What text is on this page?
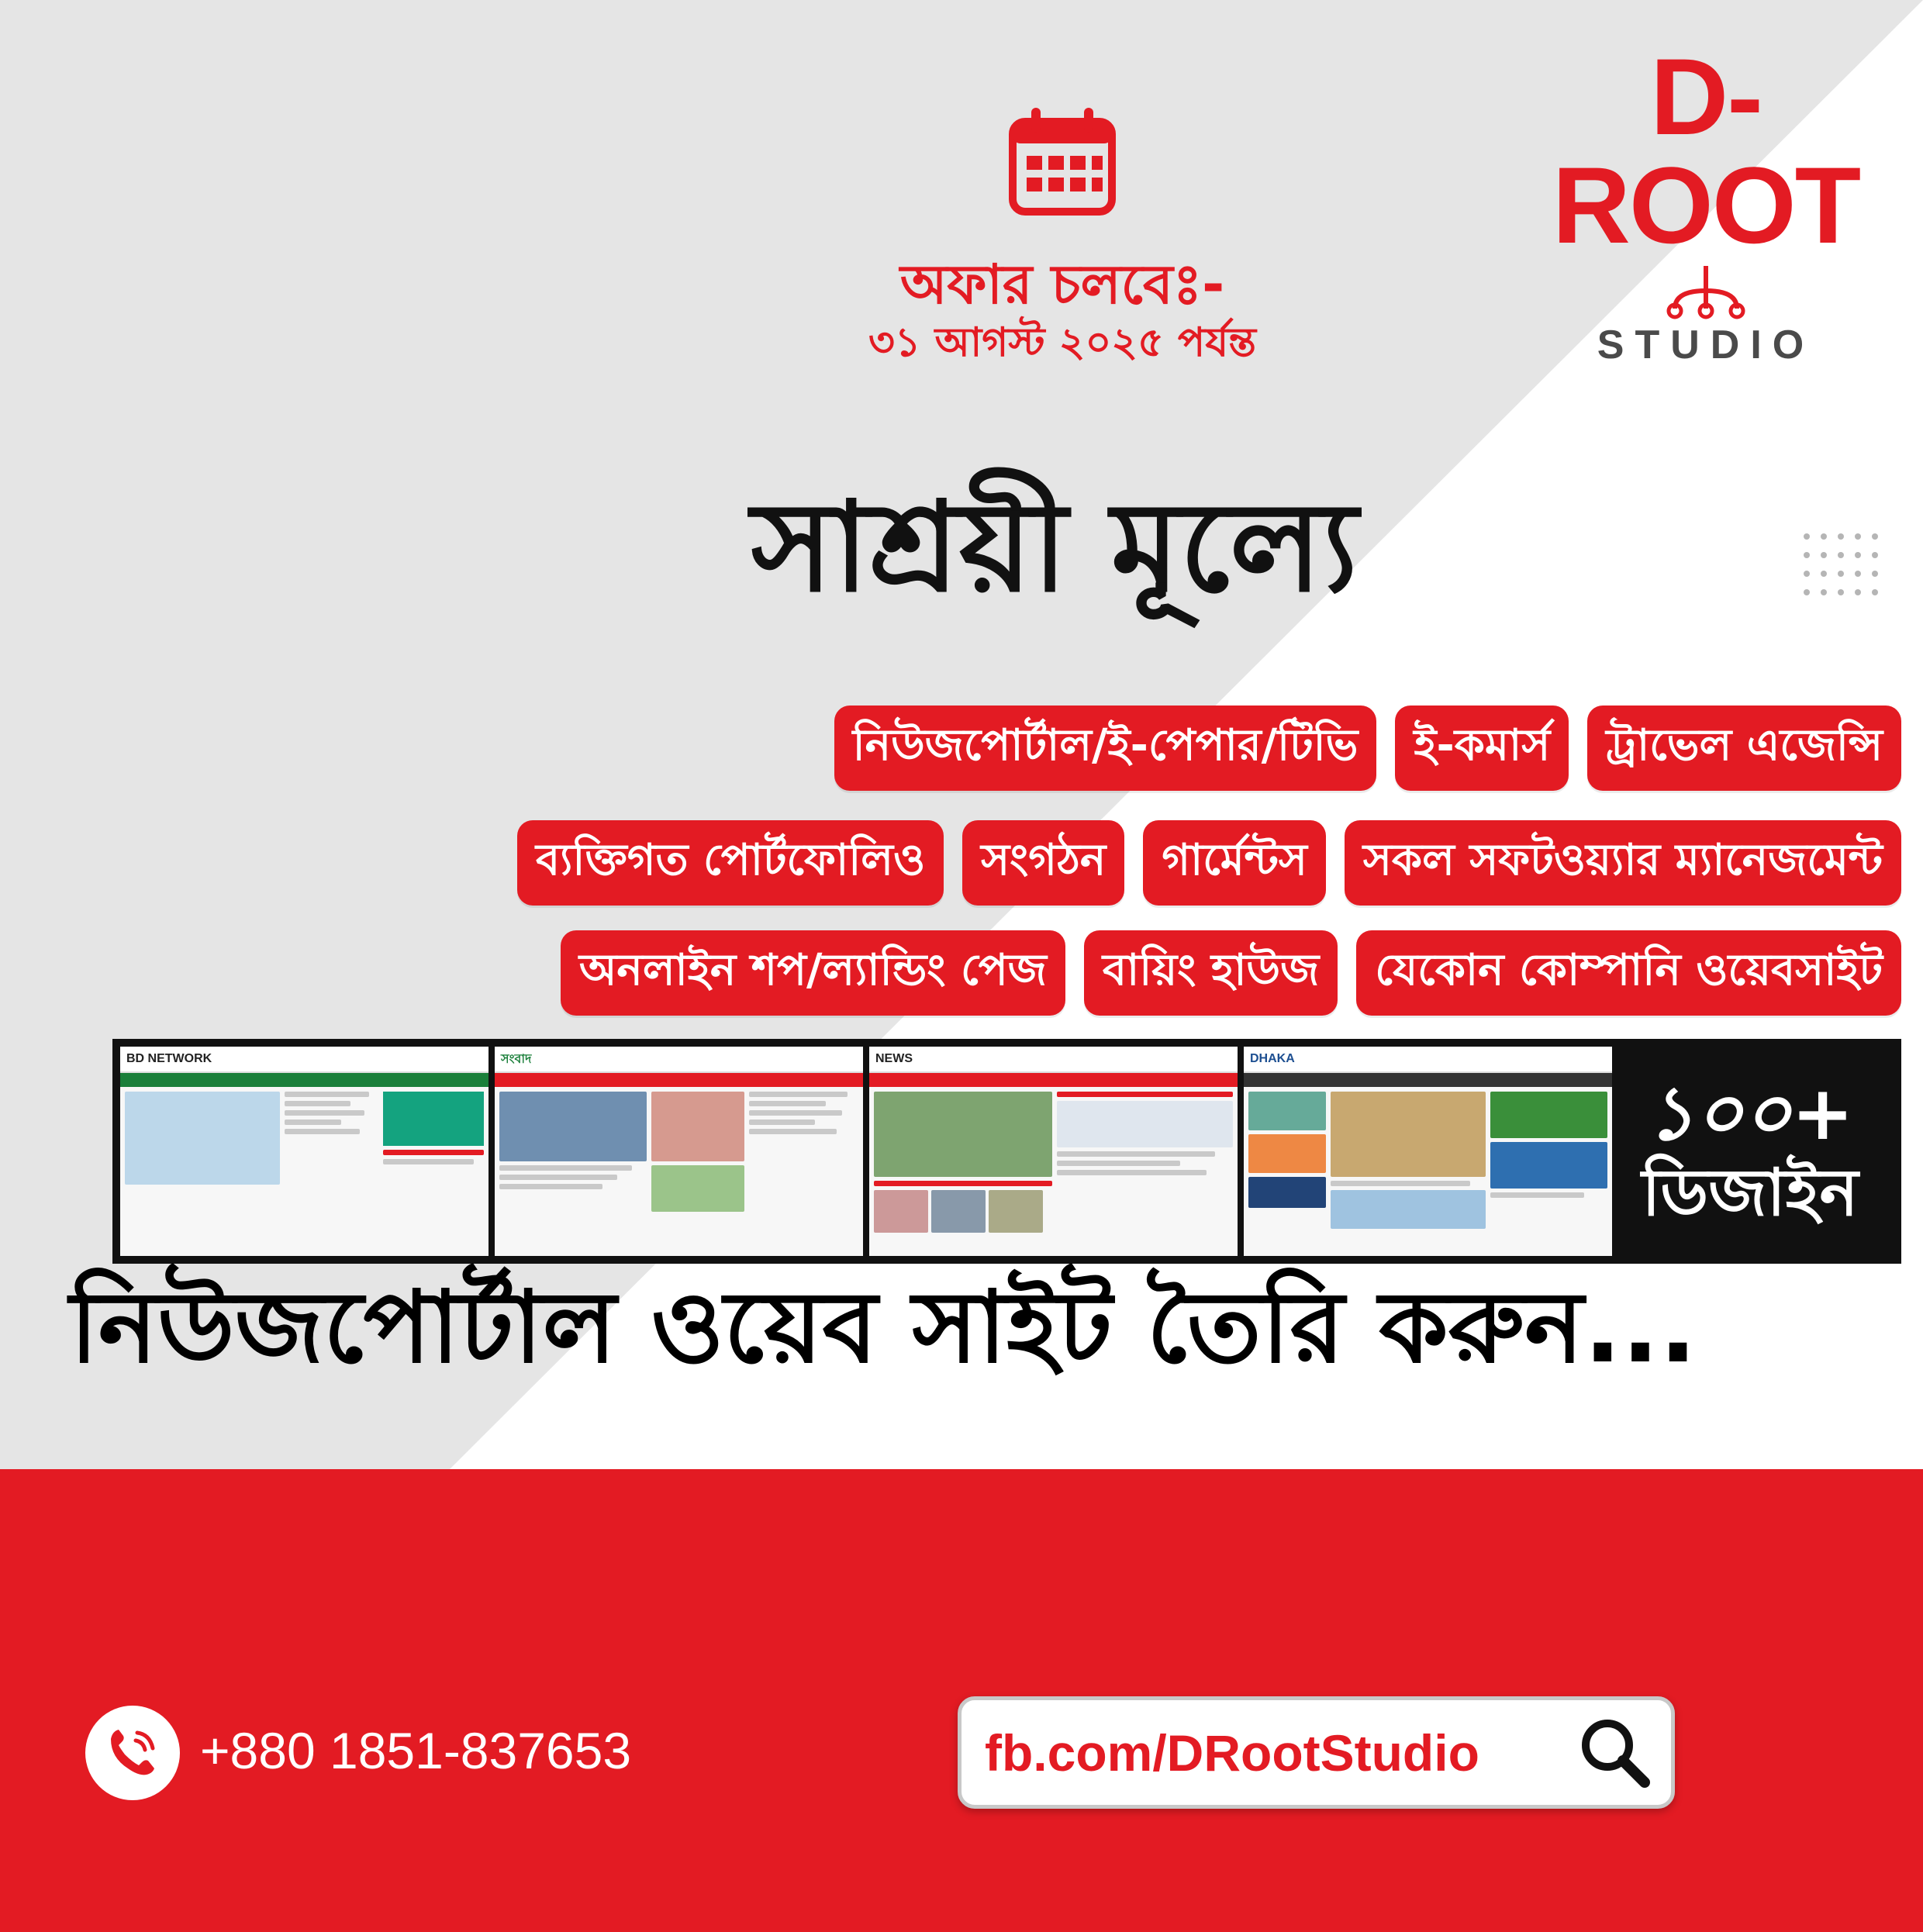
D-ROOT
STUDIO
অফার চলবেঃ-
৩১ আগস্ট ২০২৫ পর্যন্ত
সাশ্রয়ী মূল্যে
নিউজপোর্টাল/ই-পেপার/টিভি	ই-কমার্স	ট্রাভেল এজেন্সি
ব্যক্তিগত পোর্টফোলিও	সংগঠন	গার্মেন্টস	সকল সফটওয়্যার ম্যানেজমেন্ট
অনলাইন শপ/ল্যান্ডিং পেজ	বায়িং হাউজ	যেকোন কোম্পানি ওয়েবসাইট
BD NETWORK	সংবাদ	NEWS	DHAKA
১০০+
ডিজাইন
নিউজপোর্টাল ওয়েব সাইট তৈরি করুন...
+880 1851-837653	fb.com/DRootStudio
